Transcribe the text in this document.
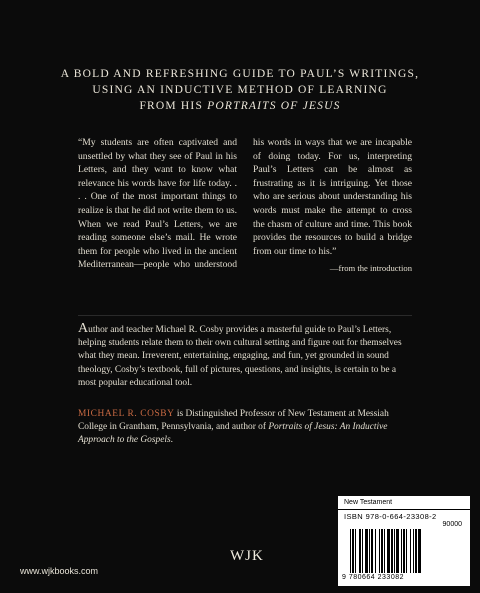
A BOLD AND REFRESHING GUIDE TO PAUL’S WRITINGS,
USING AN INDUCTIVE METHOD OF LEARNING
FROM HIS PORTRAITS OF JESUS
“My students are often captivated and unsettled by what they see of Paul in his Letters, and they want to know what relevance his words have for life today. . . . One of the most important things to realize is that he did not write them to us. When we read Paul’s Letters, we are reading someone else’s mail. He wrote them for people who lived in the ancient Mediterranean—people who understood his words in ways that we are incapable of doing today. For us, interpreting Paul’s Letters can be almost as frustrating as it is intriguing. Yet those who are serious about understanding his words must make the attempt to cross the chasm of culture and time. This book provides the resources to build a bridge from our time to his.”
—from the introduction
Author and teacher Michael R. Cosby provides a masterful guide to Paul’s Letters, helping students relate them to their own cultural setting and figure out for themselves what they mean. Irreverent, entertaining, engaging, and fun, yet grounded in sound theology, Cosby’s textbook, full of pictures, questions, and insights, is certain to be a most popular educational tool.
MICHAEL R. COSBY is Distinguished Professor of New Testament at Messiah College in Grantham, Pennsylvania, and author of Portraits of Jesus: An Inductive Approach to the Gospels.
www.wjkbooks.com
WJK
New Testament
ISBN 978-0-664-23308-2
90000
9 780664 233082
